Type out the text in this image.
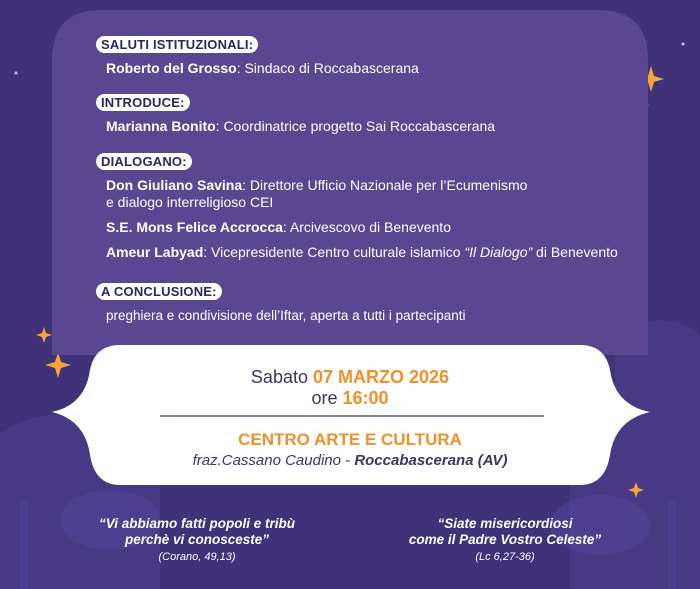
SALUTI ISTITUZIONALI:
Roberto del Grosso: Sindaco di Roccabascerana
INTRODUCE:
Marianna Bonito: Coordinatrice progetto Sai Roccabascerana
DIALOGANO:
Don Giuliano Savina: Direttore Ufficio Nazionale per l’Ecumenismo
e dialogo interreligioso CEI
S.E. Mons Felice Accrocca: Arcivescovo di Benevento
Ameur Labyad: Vicepresidente Centro culturale islamico “Il Dialogo” di Benevento
A CONCLUSIONE:
preghiera e condivisione dell’Iftar, aperta a tutti i partecipanti
Sabato 07 MARZO 2026
ore 16:00
CENTRO ARTE E CULTURA
fraz.Cassano Caudino - Roccabascerana (AV)
“Vi abbiamo fatti popoli e tribù
perchè vi conosceste”
(Corano, 49,13)
“Siate misericordiosi
come il Padre Vostro Celeste”
(Lc 6,27-36)
